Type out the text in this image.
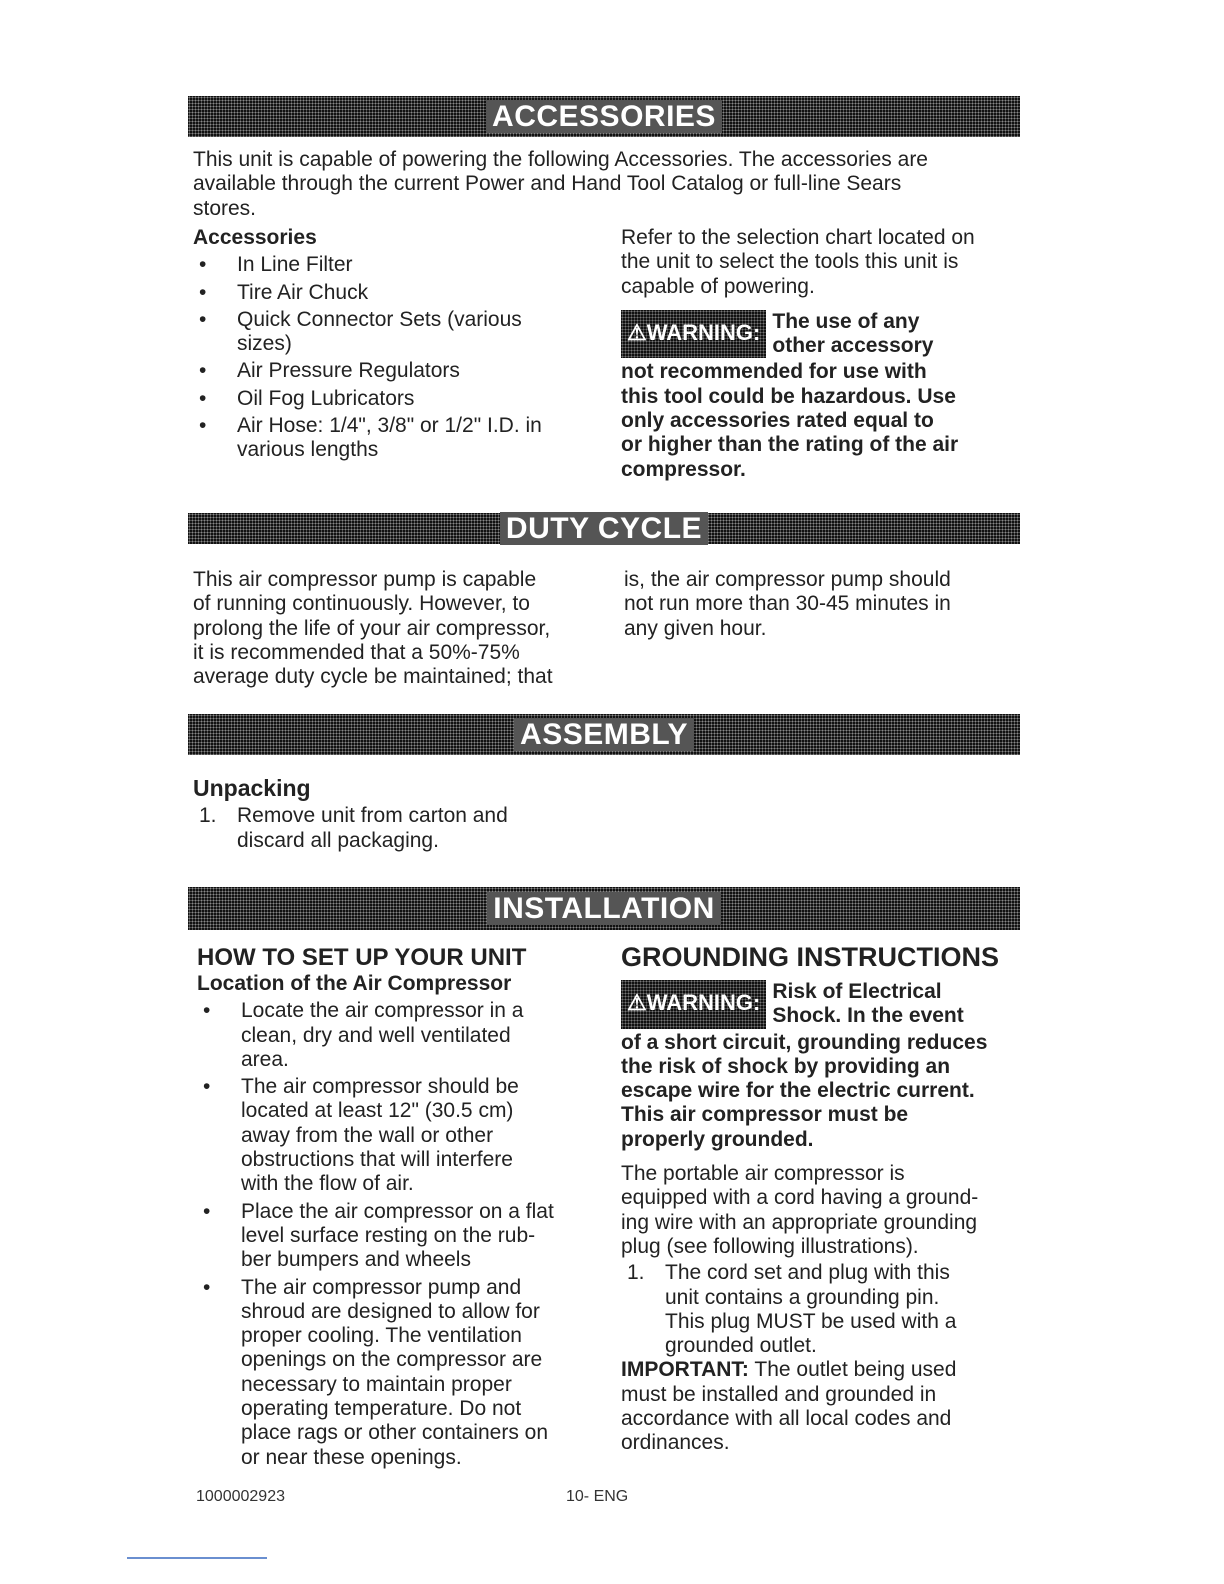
ACCESSORIES
This unit is capable of powering the following Accessories. The accessories are
available through the current Power and Hand Tool Catalog or full-line Sears
stores.
Accessories
• In Line Filter
• Tire Air Chuck
• Quick Connector Sets (various
sizes)
• Air Pressure Regulators
• Oil Fog Lubricators
• Air Hose: 1/4", 3/8" or 1/2" I.D. in
various lengths
Refer to the selection chart located on
the unit to select the tools this unit is
capable of powering.
⚠WARNING: The use of any
other accessory
not recommended for use with
this tool could be hazardous. Use
only accessories rated equal to
or higher than the rating of the air
compressor.
DUTY CYCLE
This air compressor pump is capable
of running continuously. However, to
prolong the life of your air compressor,
it is recommended that a 50%-75%
average duty cycle be maintained; that
is, the air compressor pump should
not run more than 30-45 minutes in
any given hour.
ASSEMBLY
Unpacking
1. Remove unit from carton and
discard all packaging.
INSTALLATION
HOW TO SET UP YOUR UNIT
Location of the Air Compressor
• Locate the air compressor in a
clean, dry and well ventilated
area.
• The air compressor should be
located at least 12" (30.5 cm)
away from the wall or other
obstructions that will interfere
with the flow of air.
• Place the air compressor on a flat
level surface resting on the rub-
ber bumpers and wheels
• The air compressor pump and
shroud are designed to allow for
proper cooling. The ventilation
openings on the compressor are
necessary to maintain proper
operating temperature. Do not
place rags or other containers on
or near these openings.
GROUNDING INSTRUCTIONS
⚠WARNING: Risk of Electrical
Shock. In the event
of a short circuit, grounding reduces
the risk of shock by providing an
escape wire for the electric current.
This air compressor must be
properly grounded.
The portable air compressor is
equipped with a cord having a ground-
ing wire with an appropriate grounding
plug (see following illustrations).
1. The cord set and plug with this
unit contains a grounding pin.
This plug MUST be used with a
grounded outlet.
IMPORTANT: The outlet being used
must be installed and grounded in
accordance with all local codes and
ordinances.
1000002923	10- ENG
